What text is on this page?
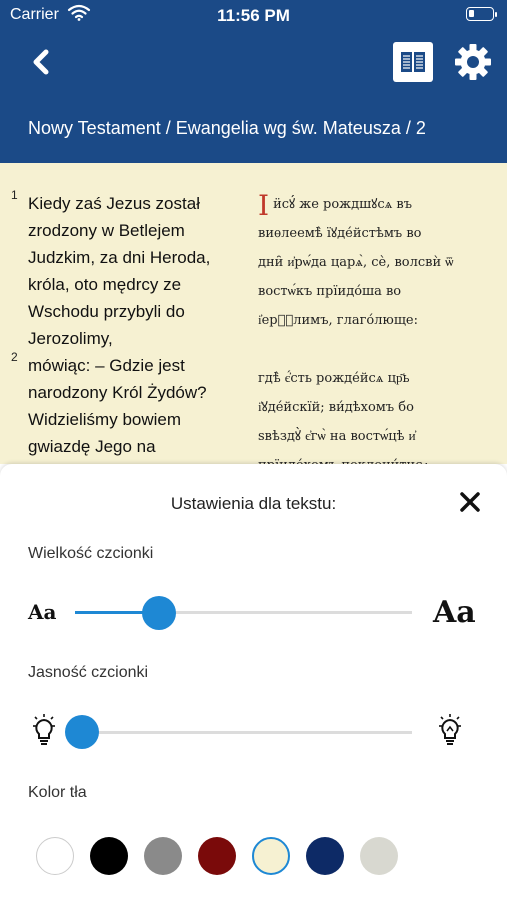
Carrier	11:56 PM
Nowy Testament / Ewangelia wg św. Mateusza / 2
1
2
Kiedy zaś Jezus został
zrodzony w Betlejem
Judzkim, za dni Heroda,
króla, oto mędrcy ze
Wschodu przybyli do
Jerozolimy,
mówiąc: – Gdzie jest
narodzony Król Żydów?
Widzieliśmy bowiem
gwiazdę Jego na
І ӥсꙋ́ же рождшꙋсѧ въ
виѳлеемѣ̀ їꙋде́йстѣмъ во
дни̑ и҆рѡ́да царѧ̀, сѐ, волсвѝ ѿ
востѡ́къ прїидо́ша во
і҆ерⷭ҇лимъ, глаго́люще:
гдѣ̀ є҆́сть рожде́йсѧ цр҃ь
і҆ꙋде́йскїй; ви́дѣхомъ бо
ѕвѣздꙋ̀ є҆гѡ̀ на востѡ́цѣ и҆
Ustawienia dla tekstu:
Wielkość czcionki
Aa	Aa
Jasność czcionki
Kolor tła
